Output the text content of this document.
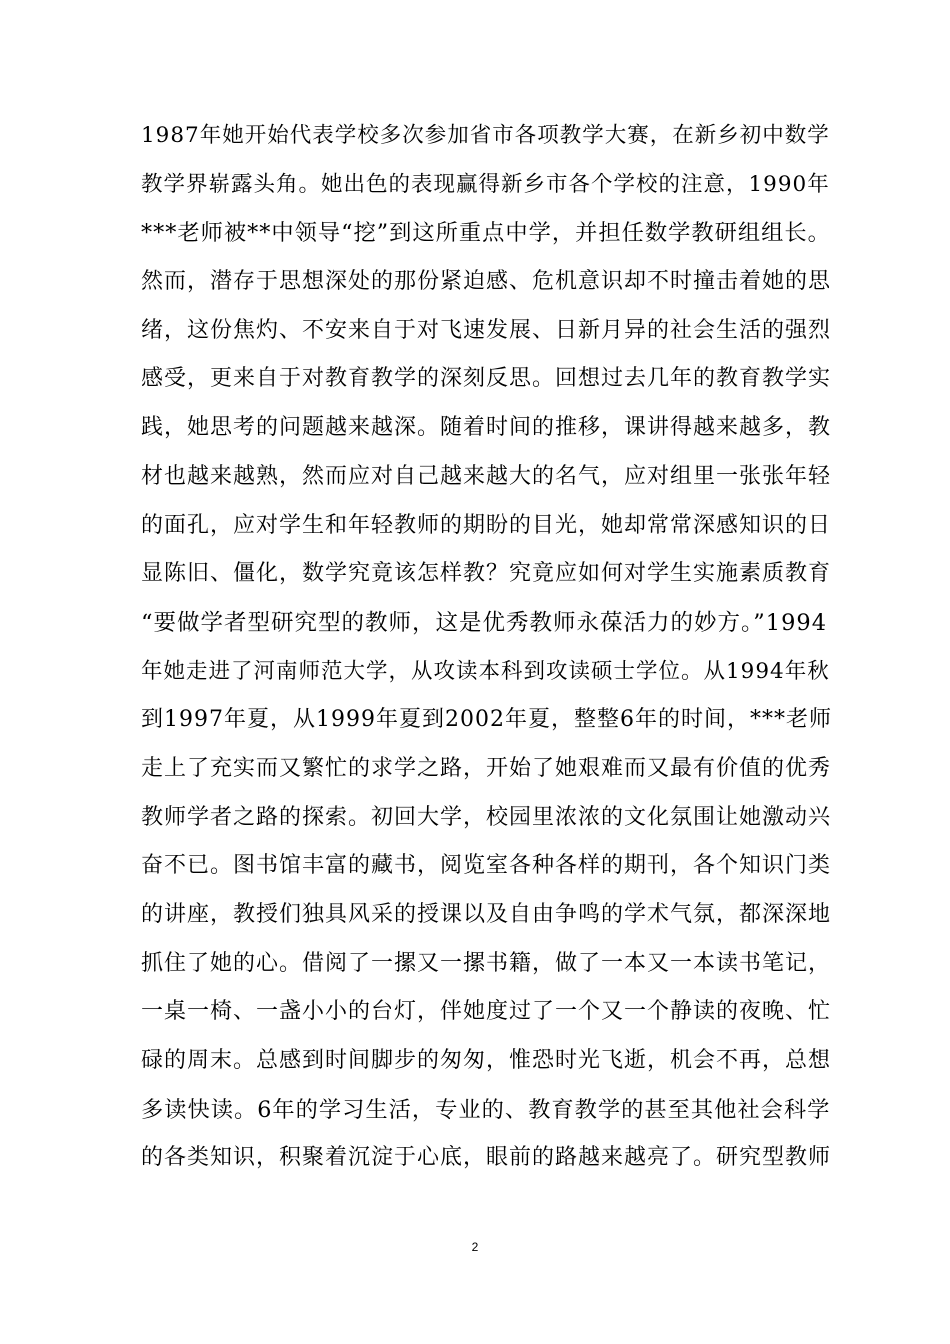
1987年她开始代表学校多次参加省市各项教学大赛，在新乡初中数学
教学界崭露头角。她出色的表现赢得新乡市各个学校的注意，1990年
***老师被**中领导“挖”到这所重点中学，并担任数学教研组组长。
然而，潜存于思想深处的那份紧迫感、危机意识却不时撞击着她的思
绪，这份焦灼、不安来自于对飞速发展、日新月异的社会生活的强烈
感受，更来自于对教育教学的深刻反思。回想过去几年的教育教学实
践，她思考的问题越来越深。随着时间的推移，课讲得越来越多，教
材也越来越熟，然而应对自己越来越大的名气，应对组里一张张年轻
的面孔，应对学生和年轻教师的期盼的目光，她却常常深感知识的日
显陈旧、僵化，数学究竟该怎样教？究竟应如何对学生实施素质教育
“要做学者型研究型的教师，这是优秀教师永葆活力的妙方。”1994
年她走进了河南师范大学，从攻读本科到攻读硕士学位。从1994年秋
到1997年夏，从1999年夏到2002年夏，整整6年的时间，***老师
走上了充实而又繁忙的求学之路，开始了她艰难而又最有价值的优秀
教师学者之路的探索。初回大学，校园里浓浓的文化氛围让她激动兴
奋不已。图书馆丰富的藏书，阅览室各种各样的期刊，各个知识门类
的讲座，教授们独具风采的授课以及自由争鸣的学术气氛，都深深地
抓住了她的心。借阅了一摞又一摞书籍，做了一本又一本读书笔记，
一桌一椅、一盏小小的台灯，伴她度过了一个又一个静读的夜晚、忙
碌的周末。总感到时间脚步的匆匆，惟恐时光飞逝，机会不再，总想
多读快读。6年的学习生活，专业的、教育教学的甚至其他社会科学
的各类知识，积聚着沉淀于心底，眼前的路越来越亮了。研究型教师
2
